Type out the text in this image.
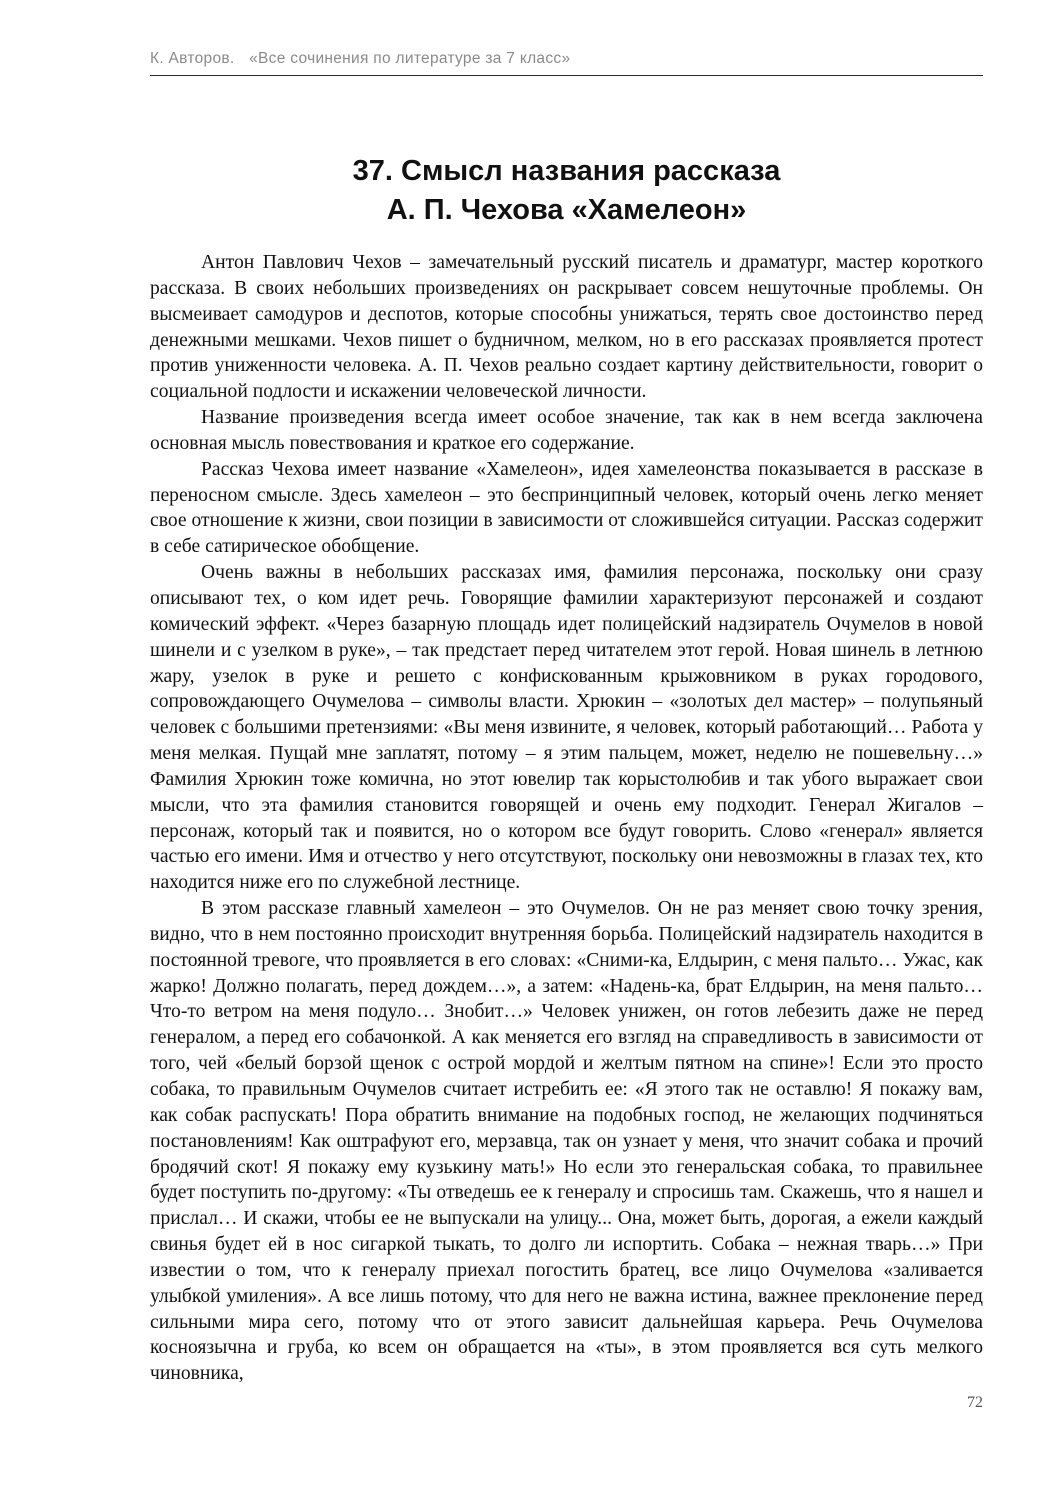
К. Авторов. «Все сочинения по литературе за 7 класс»
37. Смысл названия рассказа
А. П. Чехова «Хамелеон»

Антон Павлович Чехов – замечательный русский писатель и драматург, мастер короткого рассказа. В своих небольших произведениях он раскрывает совсем нешуточные проблемы. Он высмеивает самодуров и деспотов, которые способны унижаться, терять свое достоинство перед денежными мешками. Чехов пишет о будничном, мелком, но в его рассказах проявляется протест против униженности человека. А. П. Чехов реально создает картину действительности, говорит о социальной подлости и искажении человеческой личности.

Название произведения всегда имеет особое значение, так как в нем всегда заключена основная мысль повествования и краткое его содержание.

Рассказ Чехова имеет название «Хамелеон», идея хамелеонства показывается в рассказе в переносном смысле. Здесь хамелеон – это беспринципный человек, который очень легко меняет свое отношение к жизни, свои позиции в зависимости от сложившейся ситуации. Рассказ содержит в себе сатирическое обобщение.

Очень важны в небольших рассказах имя, фамилия персонажа, поскольку они сразу описывают тех, о ком идет речь. Говорящие фамилии характеризуют персонажей и создают комический эффект. «Через базарную площадь идет полицейский надзиратель Очумелов в новой шинели и с узелком в руке», – так предстает перед читателем этот герой. Новая шинель в летнюю жару, узелок в руке и решето с конфискованным крыжовником в руках городового, сопровождающего Очумелова – символы власти. Хрюкин – «золотых дел мастер» – полупьяный человек с большими претензиями: «Вы меня извините, я человек, который работающий… Работа у меня мелкая. Пущай мне заплатят, потому – я этим пальцем, может, неделю не пошевельну…» Фамилия Хрюкин тоже комична, но этот ювелир так корыстолюбив и так убого выражает свои мысли, что эта фамилия становится говорящей и очень ему подходит. Генерал Жигалов – персонаж, который так и появится, но о котором все будут говорить. Слово «генерал» является частью его имени. Имя и отчество у него отсутствуют, поскольку они невозможны в глазах тех, кто находится ниже его по служебной лестнице.

В этом рассказе главный хамелеон – это Очумелов. Он не раз меняет свою точку зрения, видно, что в нем постоянно происходит внутренняя борьба. Полицейский надзиратель находится в постоянной тревоге, что проявляется в его словах: «Сними-ка, Елдырин, с меня пальто… Ужас, как жарко! Должно полагать, перед дождем…», а затем: «Надень-ка, брат Елдырин, на меня пальто… Что-то ветром на меня подуло… Знобит…» Человек унижен, он готов лебезить даже не перед генералом, а перед его собачонкой. А как меняется его взгляд на справедливость в зависимости от того, чей «белый борзой щенок с острой мордой и желтым пятном на спине»! Если это просто собака, то правильным Очумелов считает истребить ее: «Я этого так не оставлю! Я покажу вам, как собак распускать! Пора обратить внимание на подобных господ, не желающих подчиняться постановлениям! Как оштрафуют его, мерзавца, так он узнает у меня, что значит собака и прочий бродячий скот! Я покажу ему кузькину мать!» Но если это генеральская собака, то правильнее будет поступить по-другому: «Ты отведешь ее к генералу и спросишь там. Скажешь, что я нашел и прислал… И скажи, чтобы ее не выпускали на улицу... Она, может быть, дорогая, а ежели каждый свинья будет ей в нос сигаркой тыкать, то долго ли испортить. Собака – нежная тварь…» При известии о том, что к генералу приехал погостить братец, все лицо Очумелова «заливается улыбкой умиления». А все лишь потому, что для него не важна истина, важнее преклонение перед сильными мира сего, потому что от этого зависит дальнейшая карьера. Речь Очумелова косноязычна и груба, ко всем он обращается на «ты», в этом проявляется вся суть мелкого чиновника,

72
